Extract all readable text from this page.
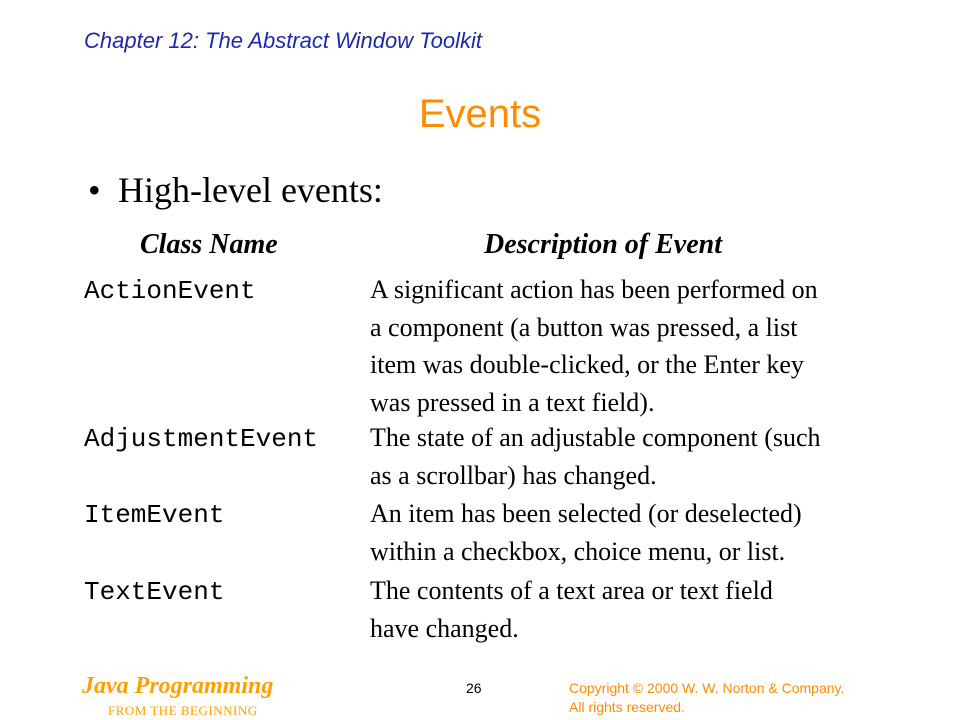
Chapter 12: The Abstract Window Toolkit
Events
• High-level events:
Class Name	Description of Event
ActionEvent	A significant action has been performed on
a component (a button was pressed, a list
item was double-clicked, or the Enter key
was pressed in a text field).
AdjustmentEvent The state of an adjustable component (such
as a scrollbar) has changed.
ItemEvent	An item has been selected (or deselected)
within a checkbox, choice menu, or list.
TextEvent	The contents of a text area or text field
have changed.
Java Programming
FROM THE BEGINNING
26	Copyright © 2000 W. W. Norton & Company.
All rights reserved.
